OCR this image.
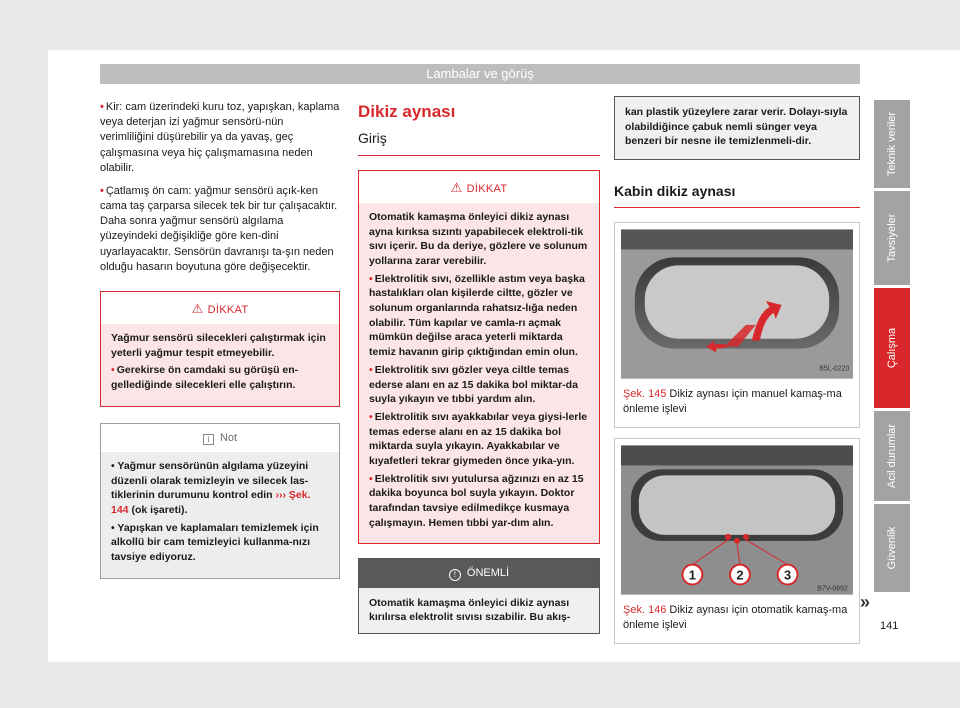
Lambalar ve görüş

• Kir: cam üzerindeki kuru toz, yapışkan, kaplama veya deterjan izi yağmur sensörü-nün verimliliğini düşürebilir ya da yavaş, geç çalışmasına veya hiç çalışmamasına neden olabilir.

• Çatlamış ön cam: yağmur sensörü açık-ken cama taş çarparsa silecek tek bir tur çalışacaktır. Daha sonra yağmur sensörü algılama yüzeyindeki değişikliğe göre ken-dini uyarlayacaktır. Sensörün davranışı ta-şın neden olduğu hasarın boyutuna göre değişecektir.

⚠ DİKKAT

Yağmur sensörü silecekleri çalıştırmak için yeterli yağmur tespit etmeyebilir.

• Gerekirse ön camdaki su görüşü en-gellediğinde silecekleri elle çalıştırın.

i Not

• Yağmur sensörünün algılama yüzeyini düzenli olarak temizleyin ve silecek las-tiklerinin durumunu kontrol edin ››› Şek. 144 (ok işareti).

• Yapışkan ve kaplamaları temizlemek için alkollü bir cam temizleyici kullanma-nızı tavsiye ediyoruz.

Dikiz aynası
Giriş
⚠ DİKKAT

Otomatik kamaşma önleyici dikiz aynası ayna kırıksa sızıntı yapabilecek elektroli-tik sıvı içerir. Bu da deriye, gözlere ve solunum yollarına zarar verebilir.

• Elektrolitik sıvı, özellikle astım veya başka hastalıkları olan kişilerde ciltte, gözler ve solunum organlarında rahatsız-lığa neden olabilir. Tüm kapılar ve camla-rı açmak mümkün değilse araca yeterli miktarda temiz havanın girip çıktığından emin olun.

• Elektrolitik sıvı gözler veya ciltle temas ederse alanı en az 15 dakika bol miktar-da suyla yıkayın ve tıbbi yardım alın.

• Elektrolitik sıvı ayakkabılar veya giysi-lerle temas ederse alanı en az 15 dakika bol miktarda suyla yıkayın. Ayakkabılar ve kıyafetleri tekrar giymeden önce yıka-yın.

• Elektrolitik sıvı yutulursa ağzınızı en az 15 dakika boyunca bol suyla yıkayın. Doktor tarafından tavsiye edilmedikçe kusmaya çalışmayın. Hemen tıbbi yar-dım alın.

! ÖNEMLİ
Otomatik kamaşma önleyici dikiz aynası kırılırsa elektrolit sıvısı sızabilir. Bu akış-
kan plastik yüzeylere zarar verir. Dolayı-sıyla olabildiğince çabuk nemli sünger veya benzeri bir nesne ile temizlenmeli-dir.
Kabin dikiz aynası
B5L-0220
Şek. 145 Dikiz aynası için manuel kamaş-ma önleme işlevi
1	2	3
B7V-0692
Şek. 146 Dikiz aynası için otomatik kamaş-ma önleme işlevi
Teknik veriler
Tavsiyeler
Çalışma
Acil durumlar
Güvenlik
»
141
